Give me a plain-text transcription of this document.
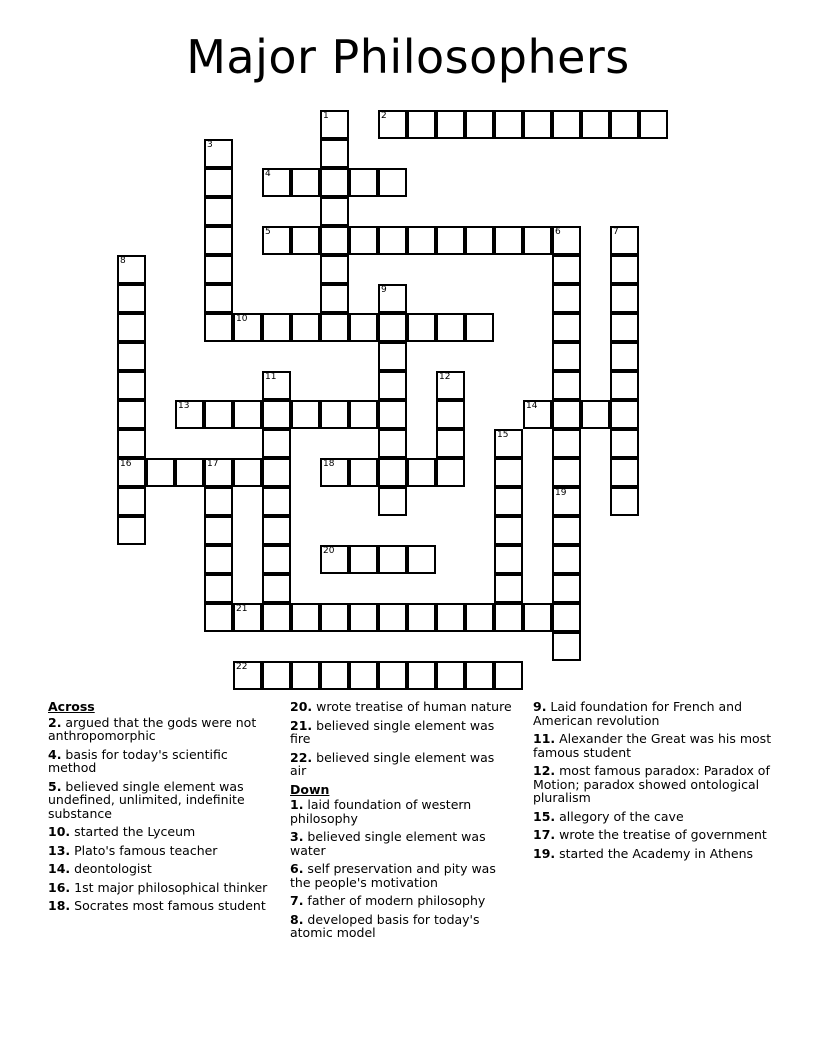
Major Philosophers
1	2
3
4
5	6	7
8
16
9
10
11	12
13	14
15
17	18
19
20
21
22
Across
2. argued that the gods were not anthropomorphic
4. basis for today's scientific method
5. believed single element was undefined, unlimited, indefinite substance
10. started the Lyceum
13. Plato's famous teacher
14. deontologist
16. 1st major philosophical thinker
18. Socrates most famous student
20. wrote treatise of human nature
21. believed single element was fire
22. believed single element was air
Down
1. laid foundation of western philosophy
3. believed single element was water
6. self preservation and pity was the people's motivation
7. father of modern philosophy
8. developed basis for today's atomic model
9. Laid foundation for French and American revolution
11. Alexander the Great was his most famous student
12. most famous paradox: Paradox of Motion; paradox showed ontological pluralism
15. allegory of the cave
17. wrote the treatise of government
19. started the Academy in Athens
